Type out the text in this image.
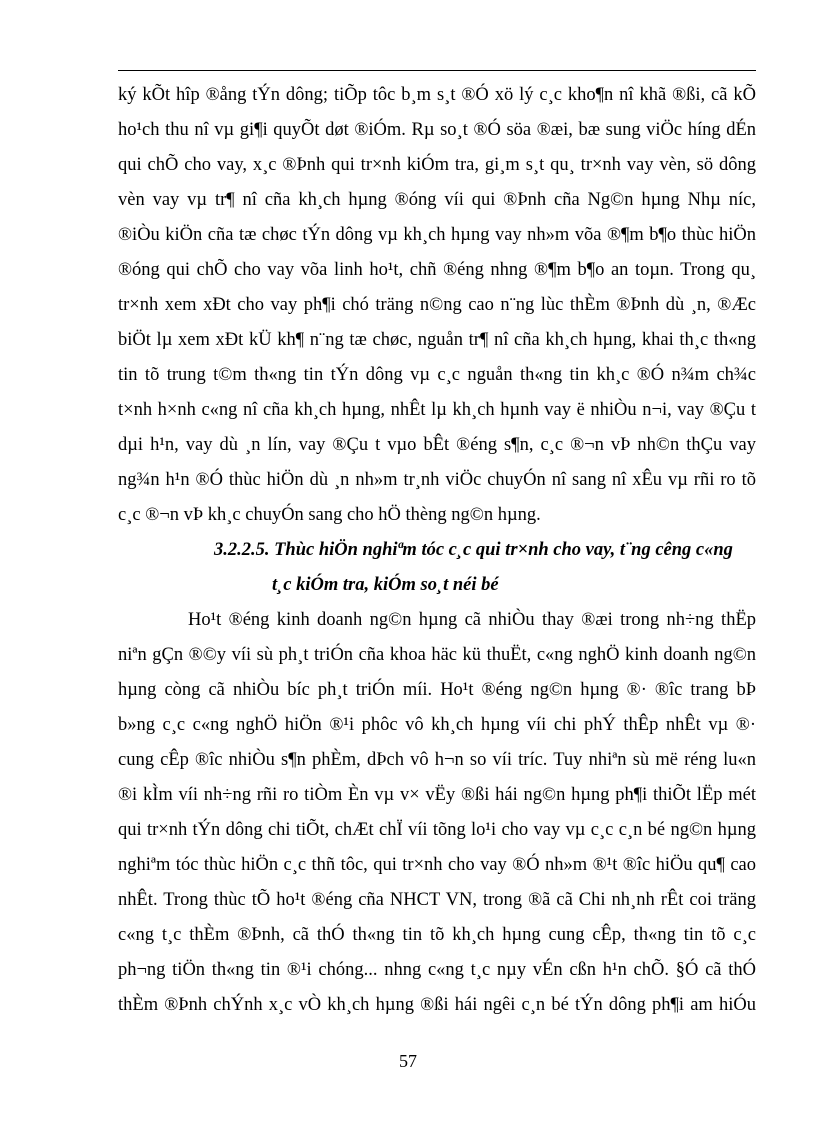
ký kÕt hîp ®ång tÝn dông; tiÕp tôc b¸m s¸t ®Ó xö lý c¸c kho¶n nî khã ®ßi, cã kÕ
ho¹ch thu nî vµ gi¶i quyÕt døt ®iÓm. Rµ so¸t ®Ó söa ®æi, bæ sung viÖc híng dÉn
qui chÕ cho vay, x¸c ®Þnh qui tr×nh kiÓm tra, gi¸m s¸t qu¸ tr×nh vay vèn, sö dông
vèn vay vµ tr¶ nî cña kh¸ch hµng ®óng víi qui ®Þnh cña Ng©n hµng Nhµ níc,
®iÒu kiÖn cña tæ chøc tÝn dông vµ kh¸ch hµng vay nh»m võa ®¶m b¶o thùc hiÖn
®óng qui chÕ cho vay võa linh ho¹t, chñ ®éng nhng ®¶m b¶o an toµn. Trong qu¸
tr×nh xem xÐt cho vay ph¶i chó träng n©ng cao n¨ng lùc thÈm ®Þnh dù ¸n, ®Æc
biÖt lµ xem xÐt kÜ kh¶ n¨ng tæ chøc, nguån tr¶ nî cña kh¸ch hµng, khai th¸c th«ng
tin tõ trung t©m th«ng tin tÝn dông vµ c¸c nguån th«ng tin kh¸c ®Ó n¾m ch¾c
t×nh h×nh c«ng nî cña kh¸ch hµng, nhÊt lµ kh¸ch hµnh vay ë nhiÒu n¬i, vay ®Çu t
dµi h¹n, vay dù ¸n lín, vay ®Çu t vµo bÊt ®éng s¶n, c¸c ®¬n vÞ nh©n thÇu vay
ng¾n h¹n ®Ó thùc hiÖn dù ¸n nh»m tr¸nh viÖc chuyÓn nî sang nî xÊu vµ rñi ro tõ
c¸c ®¬n vÞ kh¸c chuyÓn sang cho hÖ thèng ng©n hµng.
3.2.2.5. Thùc hiÖn nghiªm tóc c¸c qui tr×nh cho vay, t¨ng cêng c«ng
t¸c kiÓm tra, kiÓm so¸t néi bé
Ho¹t ®éng kinh doanh ng©n hµng cã nhiÒu thay ®æi trong nh÷ng thËp
niªn gÇn ®©y víi sù ph¸t triÓn cña khoa häc kü thuËt, c«ng nghÖ kinh doanh ng©n
hµng còng cã nhiÒu bíc ph¸t triÓn míi. Ho¹t ®éng ng©n hµng ®· ®îc trang bÞ
b»ng c¸c c«ng nghÖ hiÖn ®¹i phôc vô kh¸ch hµng víi chi phÝ thÊp nhÊt vµ ®·
cung cÊp ®îc nhiÒu s¶n phÈm, dÞch vô h¬n so víi tríc. Tuy nhiªn sù më réng lu«n
®i kÌm víi nh÷ng rñi ro tiÒm Èn vµ v× vËy ®ßi hái ng©n hµng ph¶i thiÕt lËp mét
qui tr×nh tÝn dông chi tiÕt, chÆt chÏ víi tõng lo¹i cho vay vµ c¸c c¸n bé ng©n hµng
nghiªm tóc thùc hiÖn c¸c thñ tôc, qui tr×nh cho vay ®Ó nh»m ®¹t ®îc hiÖu qu¶ cao
nhÊt. Trong thùc tÕ ho¹t ®éng cña NHCT VN, trong ®ã cã Chi nh¸nh rÊt coi träng
c«ng t¸c thÈm ®Þnh, cã thÓ th«ng tin tõ kh¸ch hµng cung cÊp, th«ng tin tõ c¸c
ph¬ng tiÖn th«ng tin ®¹i chóng... nhng c«ng t¸c nµy vÉn cßn h¹n chÕ. §Ó cã thÓ
thÈm ®Þnh chÝnh x¸c vÒ kh¸ch hµng ®ßi hái ngêi c¸n bé tÝn dông ph¶i am hiÓu
57
